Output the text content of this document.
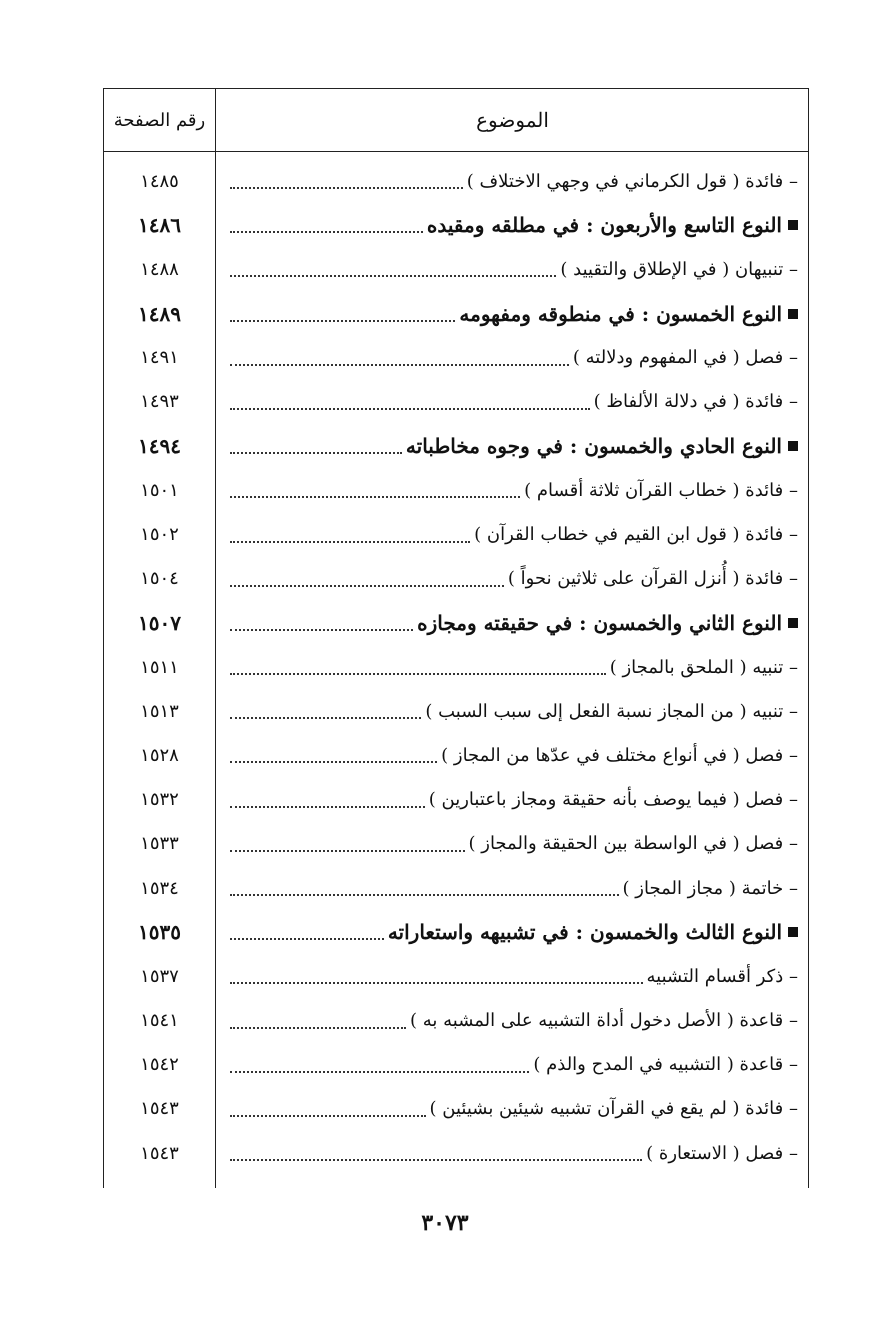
الموضوع
رقم الصفحة
– فائدة ( قول الكرماني في وجهي الاختلاف )
١٤٨٥
النوع التاسع والأربعون : في مطلقه ومقيده
١٤٨٦
– تنبيهان ( في الإطلاق والتقييد )
١٤٨٨
النوع الخمسون : في منطوقه ومفهومه
١٤٨٩
– فصل ( في المفهوم ودلالته )
١٤٩١
– فائدة ( في دلالة الألفاظ )
١٤٩٣
النوع الحادي والخمسون : في وجوه مخاطباته
١٤٩٤
– فائدة ( خطاب القرآن ثلاثة أقسام )
١٥٠١
– فائدة ( قول ابن القيم في خطاب القرآن )
١٥٠٢
– فائدة ( أُنزل القرآن على ثلاثين نحواً )
١٥٠٤
النوع الثاني والخمسون : في حقيقته ومجازه
١٥٠٧
– تنبيه ( الملحق بالمجاز )
١٥١١
– تنبيه ( من المجاز نسبة الفعل إلى سبب السبب )
١٥١٣
– فصل ( في أنواع مختلف في عدّها من المجاز )
١٥٢٨
– فصل ( فيما يوصف بأنه حقيقة ومجاز باعتبارين )
١٥٣٢
– فصل ( في الواسطة بين الحقيقة والمجاز )
١٥٣٣
– خاتمة ( مجاز المجاز )
١٥٣٤
النوع الثالث والخمسون : في تشبيهه واستعاراته
١٥٣٥
– ذكر أقسام التشبيه
١٥٣٧
– قاعدة ( الأصل دخول أداة التشبيه على المشبه به )
١٥٤١
– قاعدة ( التشبيه في المدح والذم )
١٥٤٢
– فائدة ( لم يقع في القرآن تشبيه شيئين بشيئين )
١٥٤٣
– فصل ( الاستعارة )
١٥٤٣
٣٠٧٣
